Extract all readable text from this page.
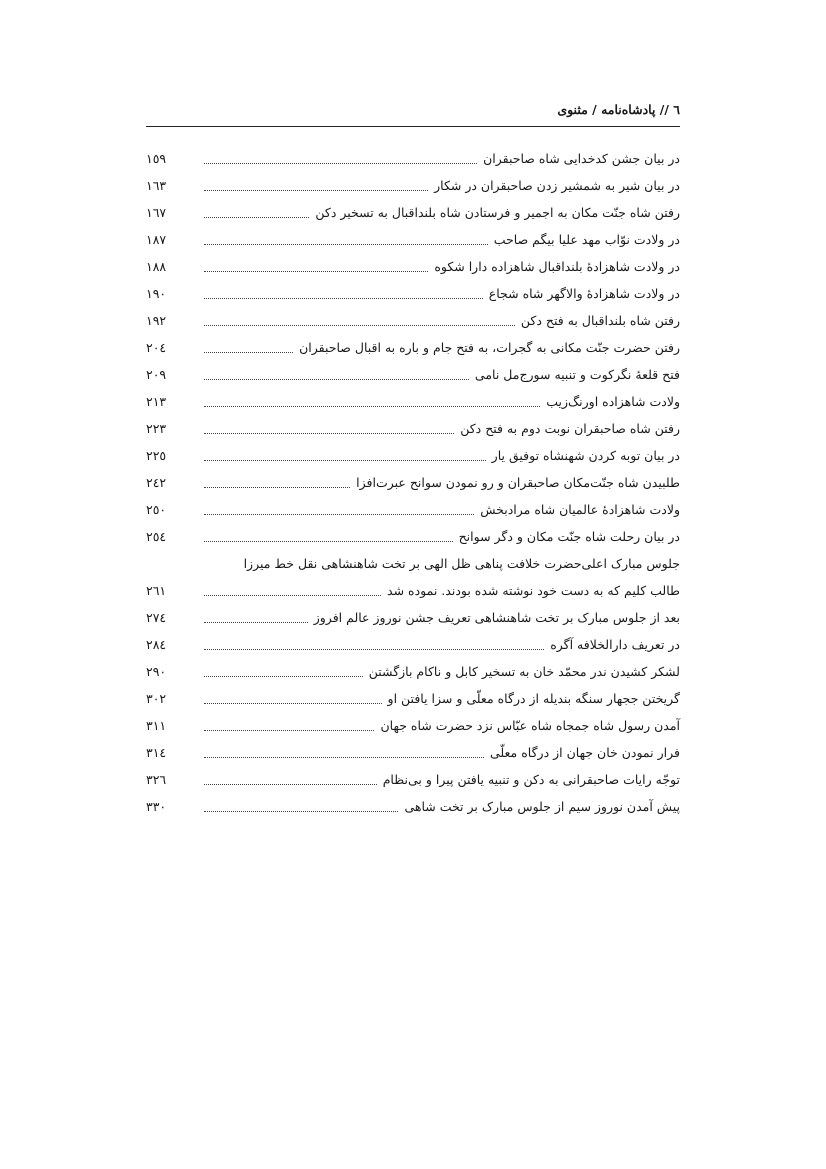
٦ // پادشاه‌نامه / مثنوی
در بیان جشن کدخدایی شاه صاحبقران
١٥٩
در بیان شیر به شمشیر زدن صاحبقران در شکار
١٦٣
رفتن شاه جنّت مکان به اجمیر و فرستادن شاه بلنداقبال به تسخیر دکن
١٦٧
در ولادت نوّاب مهد علیا بیگم صاحب
١٨٧
در ولادت شاهزادهٔ بلنداقبال شاهزاده دارا شکوه
١٨٨
در ولادت شاهزادهٔ والاگهر شاه شجاع
١٩٠
رفتن شاه بلنداقبال به فتح دکن
١٩٢
رفتن حضرت جنّت مکانی به گجرات، به فتح جام و باره به اقبال صاحبقران
٢٠٤
فتح قلعهٔ نگرکوت و تنبیه سورج‌مل نامی
٢٠٩
ولادت شاهزاده اورنگ‌زیب
٢١٣
رفتن شاه صاحبقران نوبت دوم به فتح دکن
٢٢٣
در بیان توبه کردن شهنشاه توفیق یار
٢٢٥
طلبیدن شاه جنّت‌مکان صاحبقران و رو نمودن سوانح عبرت‌افزا
٢٤٢
ولادت شاهزادهٔ عالمیان شاه مرادبخش
٢٥٠
در بیان رحلت شاه جنّت مکان و دگر سوانح
٢٥٤
جلوس مبارک اعلی‌حضرت خلافت پناهی ظل الهی بر تخت شاهنشاهی نقل خط میرزا
طالب کلیم که به دست خود نوشته شده بودند. نموده شد
٢٦١
بعد از جلوس مبارک بر تخت شاهنشاهی تعریف جشن نوروز عالم افروز
٢٧٤
در تعریف دارالخلافه آگره
٢٨٤
لشکر کشیدن ندر محمّد خان به تسخیر کابل و ناکام بازگشتن
٢٩٠
گریختن ججهار سنگه بندیله از درگاه معلّی و سزا یافتن او
٣٠٢
آمدن رسول شاه جمجاه شاه عبّاس نزد حضرت شاه جهان
٣١١
فرار نمودن خان جهان از درگاه معلّی
٣١٤
توجّه رایات صاحبقرانی به دکن و تنبیه یافتن پیرا و بی‌نظام
٣٢٦
پیش آمدن نوروز سیم از جلوس مبارک بر تخت شاهی
٣٣٠
